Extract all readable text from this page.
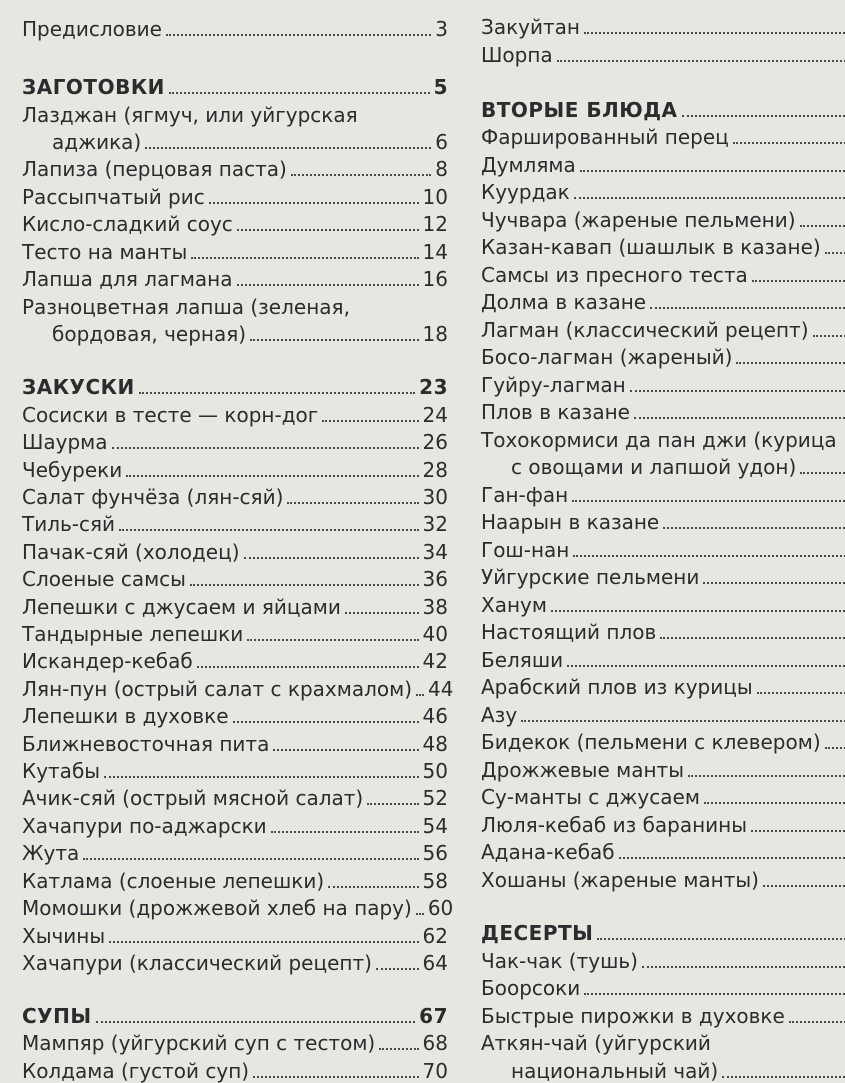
Предисловие	3
ЗАГОТОВКИ	5
Лазджан (ягмуч, или уйгурская
аджика)	6
Лапиза (перцовая паста)	8
Рассыпчатый рис	10
Кисло-сладкий соус	12
Тесто на манты	14
Лапша для лагмана	16
Разноцветная лапша (зеленая,
бордовая, черная)	18
ЗАКУСКИ	23
Сосиски в тесте — корн-дог	24
Шаурма	26
Чебуреки	28
Салат фунчёза (лян-сяй)	30
Тиль-сяй	32
Пачак-сяй (холодец)	34
Слоеные самсы	36
Лепешки с джусаем и яйцами	38
Тандырные лепешки	40
Искандер-кебаб	42
Лян-пун (острый салат с крахмалом) 44
Лепешки в духовке	46
Ближневосточная пита	48
Кутабы	50
Ачик-сяй (острый мясной салат)	52
Хачапури по-аджарски	54
Жута	56
Катлама (слоеные лепешки)	58
Момошки (дрожжевой хлеб на пару) 60
Хычины	62
Хачапури (классический рецепт)	64
СУПЫ	67
Мампяр (уйгурский суп с тестом) 68
Колдама (густой суп)	70
Закуйтан
Шорпа
ВТОРЫЕ БЛЮДА
Фаршированный перец
Думляма
Куурдак
Чучвара (жареные пельмени)
Казан-кавап (шашлык в казане)
Самсы из пресного теста
Долма в казане
Лагман (классический рецепт)
Босо-лагман (жареный)
Гуйру-лагман
Плов в казане
Тохокормиси да пан джи (курица
с овощами и лапшой удон)
Ган-фан
Наарын в казане
Гош-нан
Уйгурские пельмени
Ханум
Настоящий плов
Беляши
Арабский плов из курицы
Азу
Бидекок (пельмени с клевером)
Дрожжевые манты
Су-манты с джусаем
Люля-кебаб из баранины
Адана-кебаб
Хошаны (жареные манты)
ДЕСЕРТЫ
Чак-чак (тушь)
Боорсоки
Быстрые пирожки в духовке
Аткян-чай (уйгурский
национальный чай)
